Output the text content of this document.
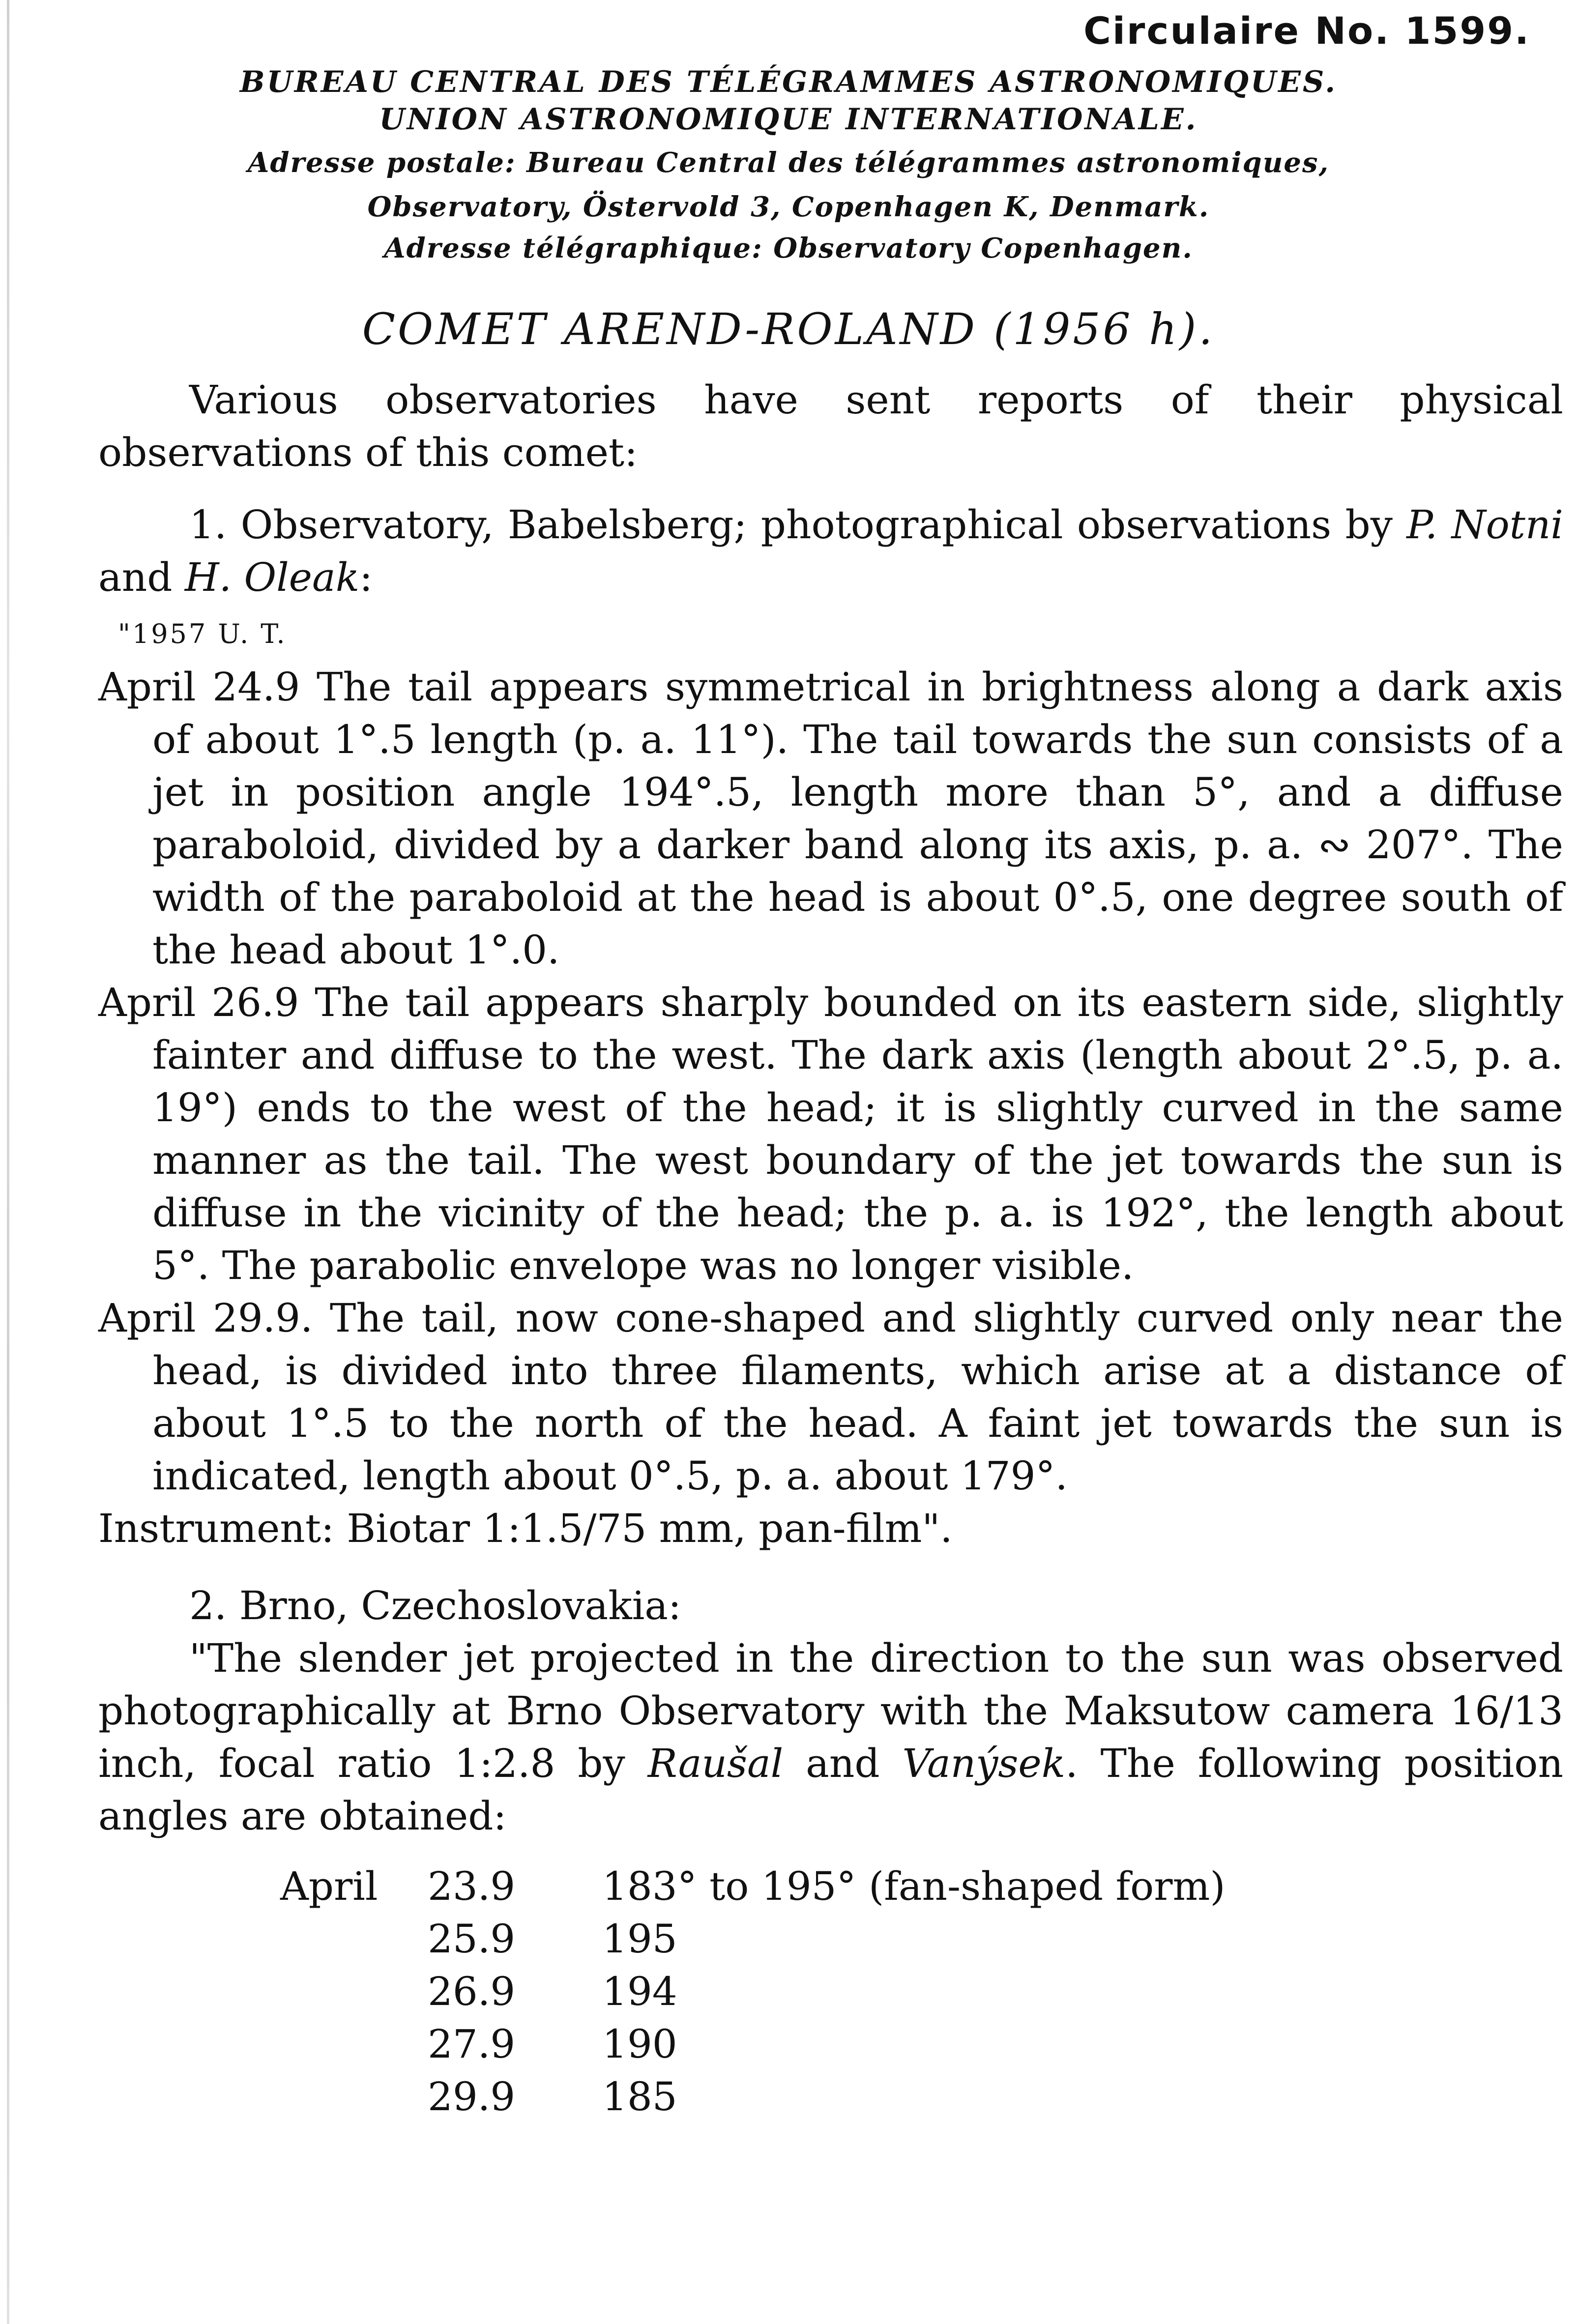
Circulaire No. 1599.
BUREAU CENTRAL DES TÉLÉGRAMMES ASTRONOMIQUES.
UNION ASTRONOMIQUE INTERNATIONALE.
Adresse postale: Bureau Central des télégrammes astronomiques,
Observatory, Östervold 3, Copenhagen K, Denmark.
Adresse télégraphique: Observatory Copenhagen.
COMET AREND-ROLAND (1956 h).

Various observatories have sent reports of their physical observations of this comet:

1. Observatory, Babelsberg; photographical observations by P. Notni and H. Oleak:

"1957 U. T.

April 24.9 The tail appears symmetrical in brightness along a dark axis of about 1°.5 length (p. a. 11°). The tail towards the sun consists of a jet in position angle 194°.5, length more than 5°, and a diffuse paraboloid, divided by a darker band along its axis, p. a. ∾ 207°. The width of the paraboloid at the head is about 0°.5, one degree south of the head about 1°.0.

April 26.9 The tail appears sharply bounded on its eastern side, slightly fainter and diffuse to the west. The dark axis (length about 2°.5, p. a. 19°) ends to the west of the head; it is slightly curved in the same manner as the tail. The west boundary of the jet towards the sun is diffuse in the vicinity of the head; the p. a. is 192°, the length about 5°. The parabolic envelope was no longer visible.

April 29.9. The tail, now cone-shaped and slightly curved only near the head, is divided into three filaments, which arise at a distance of about 1°.5 to the north of the head. A faint jet towards the sun is indicated, length about 0°.5, p. a. about 179°.

Instrument: Biotar 1:1.5/75 mm, pan-film".

2. Brno, Czechoslovakia:

"The slender jet projected in the direction to the sun was observed photographically at Brno Observatory with the Maksutow camera 16/13 inch, focal ratio 1:2.8 by Raušal and Vanýsek. The following position angles are obtained:

April	23.9	183° to 195° (fan-shaped form)
	25.9	195
	26.9	194
	27.9	190
	29.9	185
